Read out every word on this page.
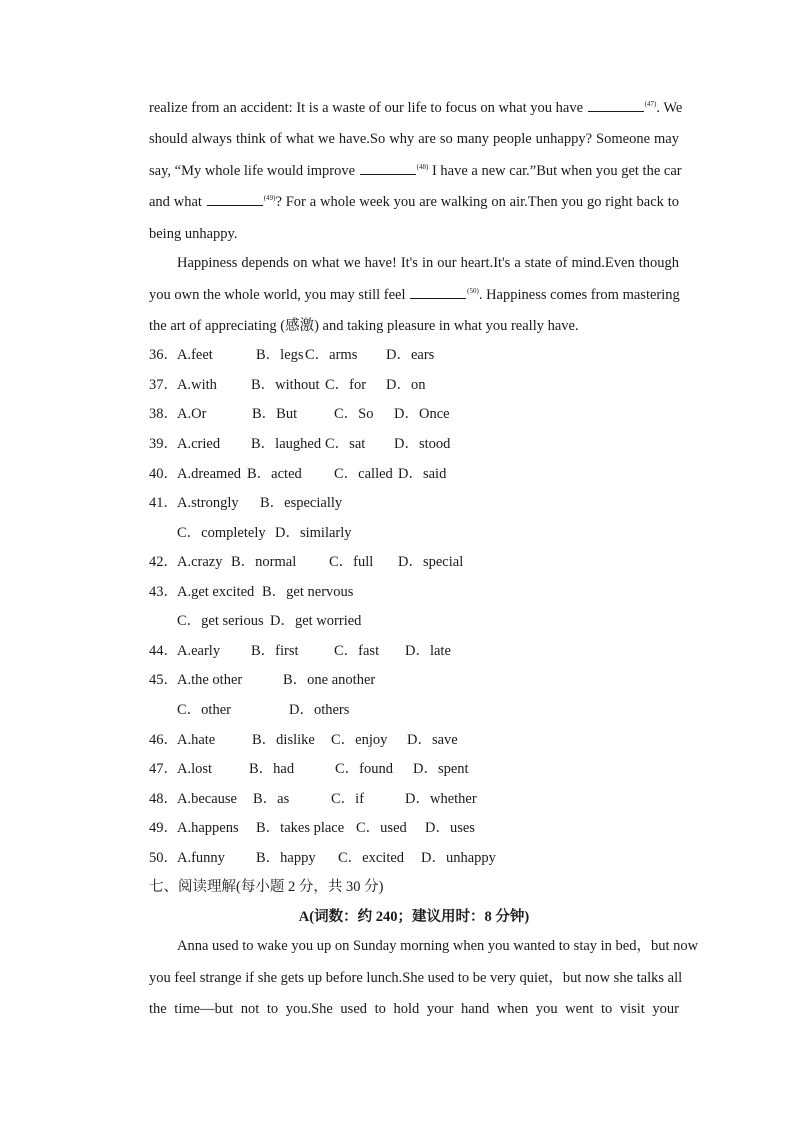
realize from an accident: It is a waste of our life to focus on what you have	$^{(47)}$. We
should always think of what we have.So why are so many people unhappy? Someone may
say, “My whole life would improve	$^{(48)}$ I have a new car.”But when you get the car
and what	$^{(49)}$? For a whole week you are walking on air.Then you go right back to
being unhappy.
Happiness depends on what we have! It's in our heart.It's a state of mind.Even though
you own the whole world, you may still feel	$^{(50)}$. Happiness comes from mastering
the art of appreciating (感激) and taking pleasure in what you really have.
36． A.feet	B．legs C．arms D．ears
37． A.with B．without C．for D．on
38． A.Or	B．But	C．So D．Once
39． A.cried B．laughed C．sat D．stood
40． A.dreamed B．acted C．called D．said
41． A.strongly B．especially
C．completely D．similarly
42． A.crazy B．normal C．full D．special
43． A.get excited B．get nervous
C．get serious D．get worried
44． A.early B．first C．fast D．late
45． A.the other	B．one another
C．other	D．others
46． A.hate	B．dislike C．enjoy D．save
47． A.lost	B．had	C．found D．spent
48． A.because B．as	C．if	D．whether
49． A.happens B．takes place C．used D．uses
50． A.funny B．happy C．excited D．unhappy
七、阅读理解(每小题 2 分，共 30 分)
A(词数：约 240；建议用时：8 分钟)
Anna used to wake you up on Sunday morning when you wanted to stay in bed，but now
you feel strange if she gets up before lunch.She used to be very quiet，but now she talks all
the time—but not to you.She used to hold your hand when you went to visit your
